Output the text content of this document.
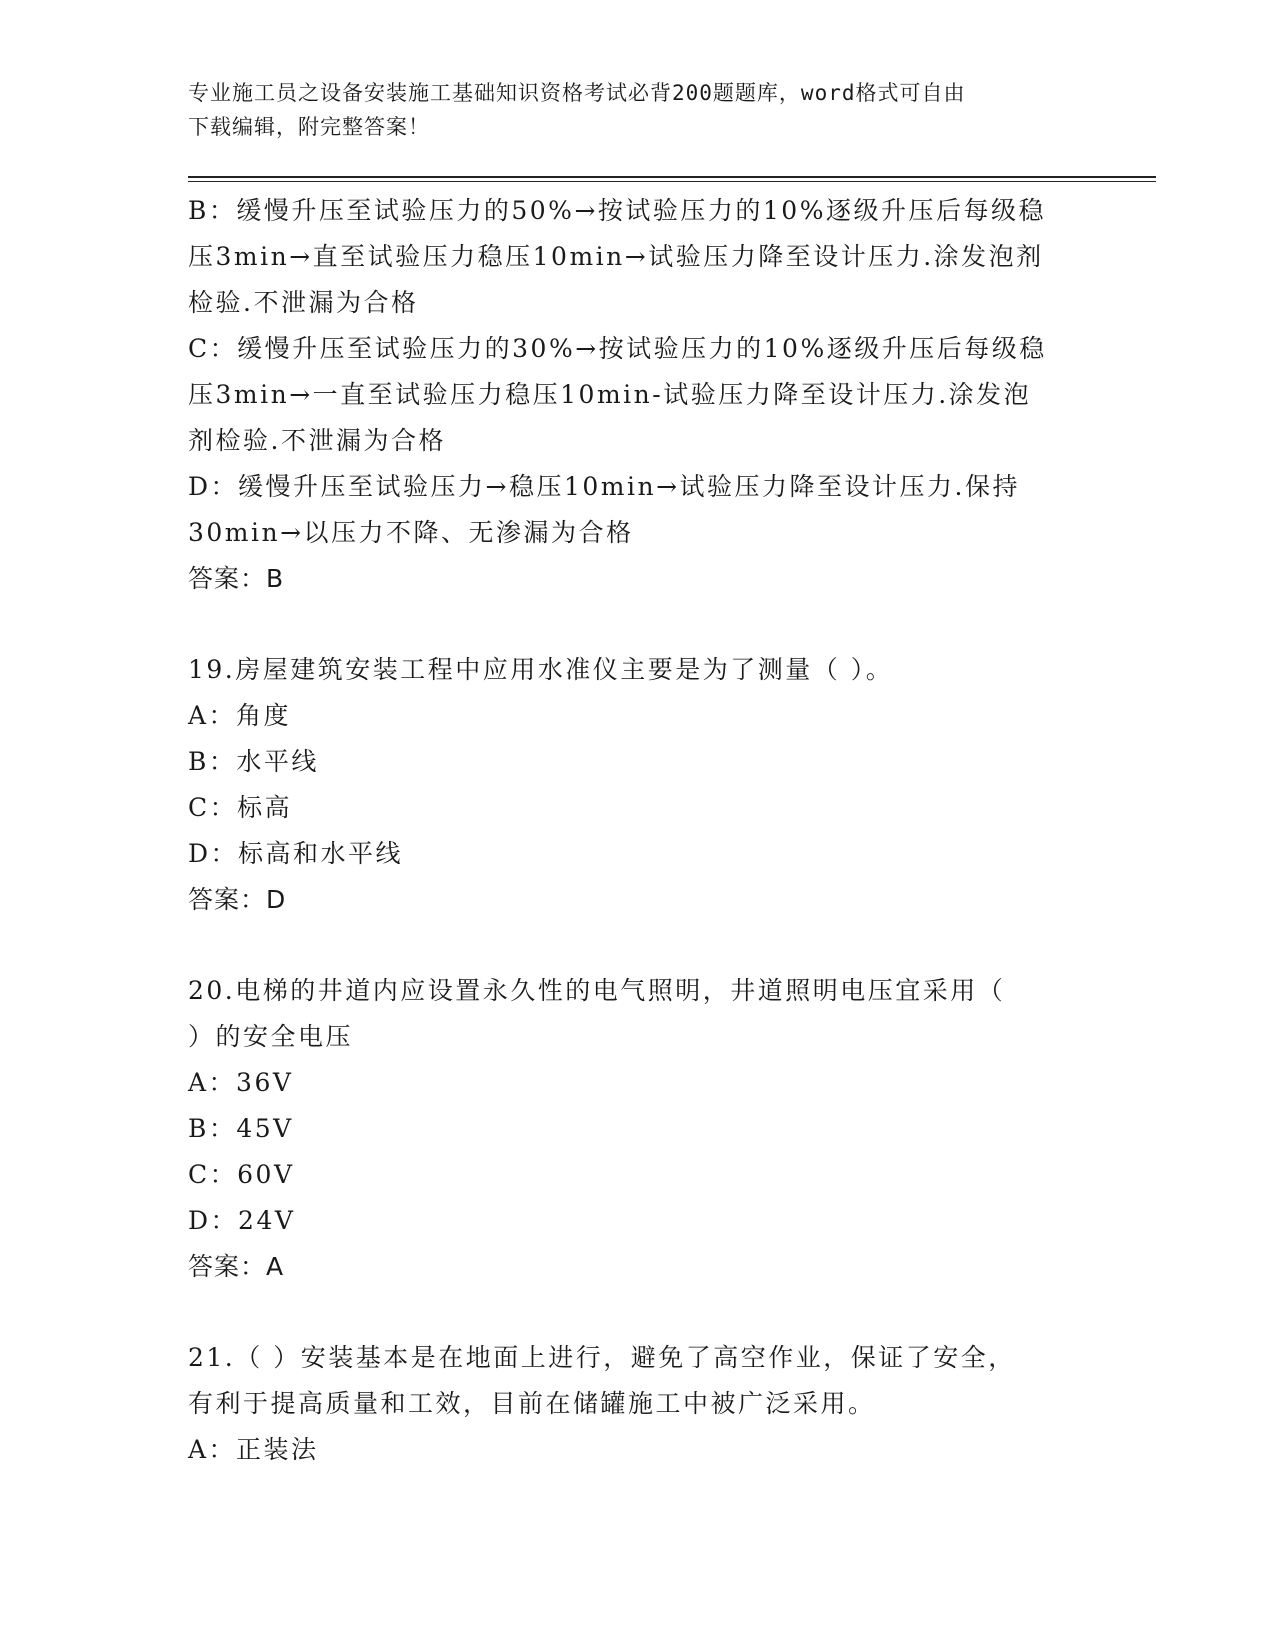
专业施工员之设备安装施工基础知识资格考试必背200题题库，word格式可自由
下载编辑，附完整答案！
B：缓慢升压至试验压力的50%→按试验压力的10%逐级升压后每级稳
压3min→直至试验压力稳压10min→试验压力降至设计压力.涂发泡剂
检验.不泄漏为合格
C：缓慢升压至试验压力的30%→按试验压力的10%逐级升压后每级稳
压3min→一直至试验压力稳压10min-试验压力降至设计压力.涂发泡
剂检验.不泄漏为合格
D：缓慢升压至试验压力→稳压10min→试验压力降至设计压力.保持
30min→以压力不降、无渗漏为合格
答案：B
19.房屋建筑安装工程中应用水准仪主要是为了测量（ ）。
A：角度
B：水平线
C：标高
D：标高和水平线
答案：D
20.电梯的井道内应设置永久性的电气照明，井道照明电压宜采用（
）的安全电压
A：36V
B：45V
C：60V
D：24V
答案：A
21.（ ）安装基本是在地面上进行，避免了高空作业，保证了安全，
有利于提高质量和工效，目前在储罐施工中被广泛采用。
A：正装法
